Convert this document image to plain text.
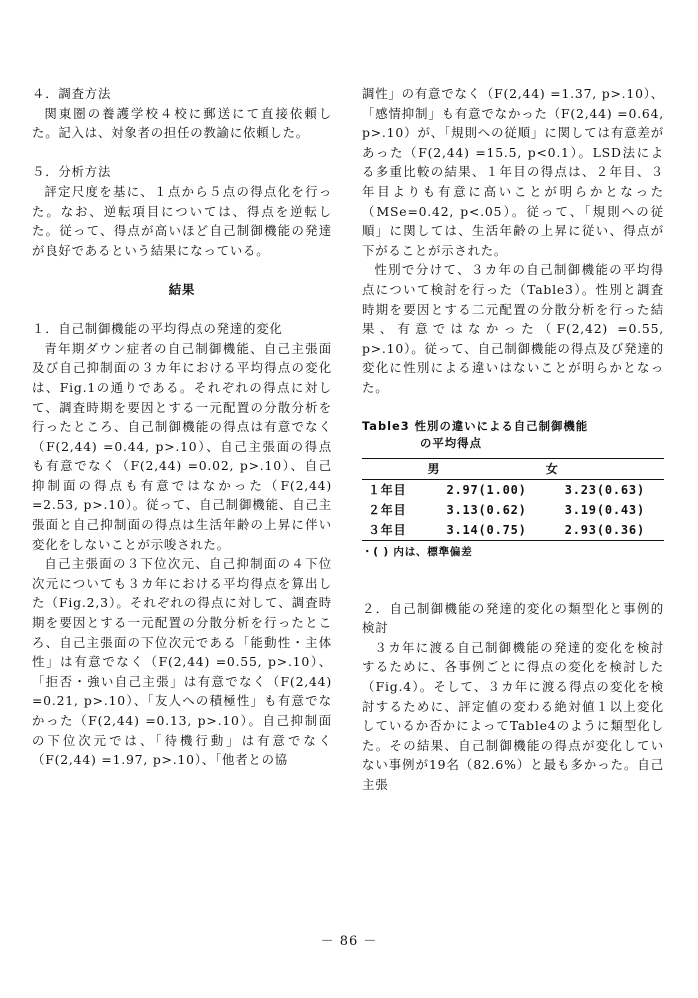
４．調査方法

関東圏の養護学校４校に郵送にて直接依頼した。記入は、対象者の担任の教諭に依頼した。

５．分析方法

評定尺度を基に、１点から５点の得点化を行った。なお、逆転項目については、得点を逆転した。従って、得点が高いほど自己制御機能の発達が良好であるという結果になっている。

結果

１．自己制御機能の平均得点の発達的変化

青年期ダウン症者の自己制御機能、自己主張面及び自己抑制面の３カ年における平均得点の変化は、Fig.1の通りである。それぞれの得点に対して、調査時期を要因とする一元配置の分散分析を行ったところ、自己制御機能の得点は有意でなく（F(2,44) =0.44, p>.10）、自己主張面の得点も有意でなく（F(2,44) =0.02, p>.10）、自己抑制面の得点も有意ではなかった（F(2,44) =2.53, p>.10）。従って、自己制御機能、自己主張面と自己抑制面の得点は生活年齢の上昇に伴い変化をしないことが示唆された。

自己主張面の３下位次元、自己抑制面の４下位次元についても３カ年における平均得点を算出した（Fig.2,3）。それぞれの得点に対して、調査時期を要因とする一元配置の分散分析を行ったところ、自己主張面の下位次元である「能動性・主体性」は有意でなく（F(2,44) =0.55, p>.10）、「拒否・強い自己主張」は有意でなく（F(2,44) =0.21, p>.10）、「友人への積極性」も有意でなかった（F(2,44) =0.13, p>.10）。自己抑制面の下位次元では、「待機行動」は有意でなく（F(2,44) =1.97, p>.10）、「他者との協

調性」の有意でなく（F(2,44) =1.37, p>.10）、「感情抑制」も有意でなかった（F(2,44) =0.64, p>.10）が、「規則への従順」に関しては有意差があった（F(2,44) =15.5, p<0.1）。LSD法による多重比較の結果、１年目の得点は、２年目、３年目よりも有意に高いことが明らかとなった（MSe=0.42, p<.05）。従って、「規則への従順」に関しては、生活年齢の上昇に従い、得点が下がることが示された。

性別で分けて、３カ年の自己制御機能の平均得点について検討を行った（Table3）。性別と調査時期を要因とする二元配置の分散分析を行った結果、有意ではなかった（F(2,42) =0.55, p>.10）。従って、自己制御機能の得点及び発達的変化に性別による違いはないことが明らかとなった。

Table3 性別の違いによる自己制御機能
の平均得点
	男	女
１年目	2.97(1.00)	3.23(0.63)
２年目	3.13(0.62)	3.19(0.43)
３年目	3.14(0.75)	2.93(0.36)
・( ) 内は、標準偏差

２．自己制御機能の発達的変化の類型化と事例的検討

３カ年に渡る自己制御機能の発達的変化を検討するために、各事例ごとに得点の変化を検討した（Fig.4）。そして、３カ年に渡る得点の変化を検討するために、評定値の変わる絶対値１以上変化しているか否かによってTable4のように類型化した。その結果、自己制御機能の得点が変化していない事例が19名（82.6%）と最も多かった。自己主張

－ 86 －
